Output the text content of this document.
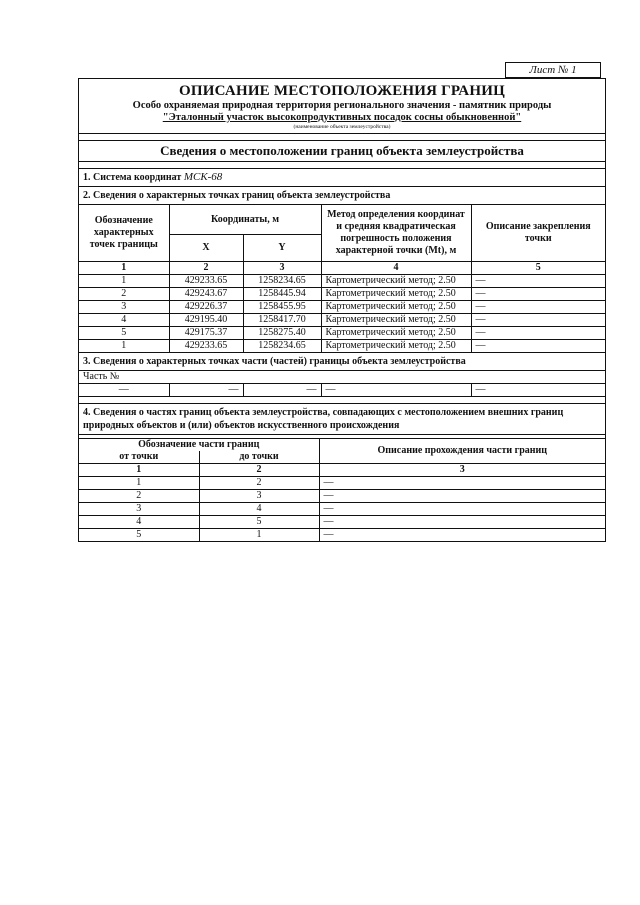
Лист № 1
ОПИСАНИЕ МЕСТОПОЛОЖЕНИЯ ГРАНИЦ
Особо охраняемая природная территория регионального значения - памятник природы
"Эталонный участок высокопродуктивных посадок сосны обыкновенной"
(наименование объекта землеустройства)
Сведения о местоположении границ объекта землеустройства
1. Система координат МСК-68
2. Сведения о характерных точках границ объекта землеустройства
Обозначение характерных точек границы	Координаты, м		Метод определения координат и средняя квадратическая погрешность положения характерной точки (Mt), м	Описание закрепления точки
	X	Y		
1	2	3	4	5
1	429233.65	1258234.65	Картометрический метод; 2.50	—
2	429243.67	1258445.94	Картометрический метод; 2.50	—
3	429226.37	1258455.95	Картометрический метод; 2.50	—
4	429195.40	1258417.70	Картометрический метод; 2.50	—
5	429175.37	1258275.40	Картометрический метод; 2.50	—
1	429233.65	1258234.65	Картометрический метод; 2.50	—
3. Сведения о характерных точках части (частей) границы объекта землеустройства
Часть №
—	—	—	—	—
4. Сведения о частях границ объекта землеустройства, совпадающих с местоположением внешних границ природных объектов и (или) объектов искусственного происхождения
Обозначение части границ		Описание прохождения части границ
от точки	до точки	
1	2	3
1	2	—
2	3	—
3	4	—
4	5	—
5	1	—
